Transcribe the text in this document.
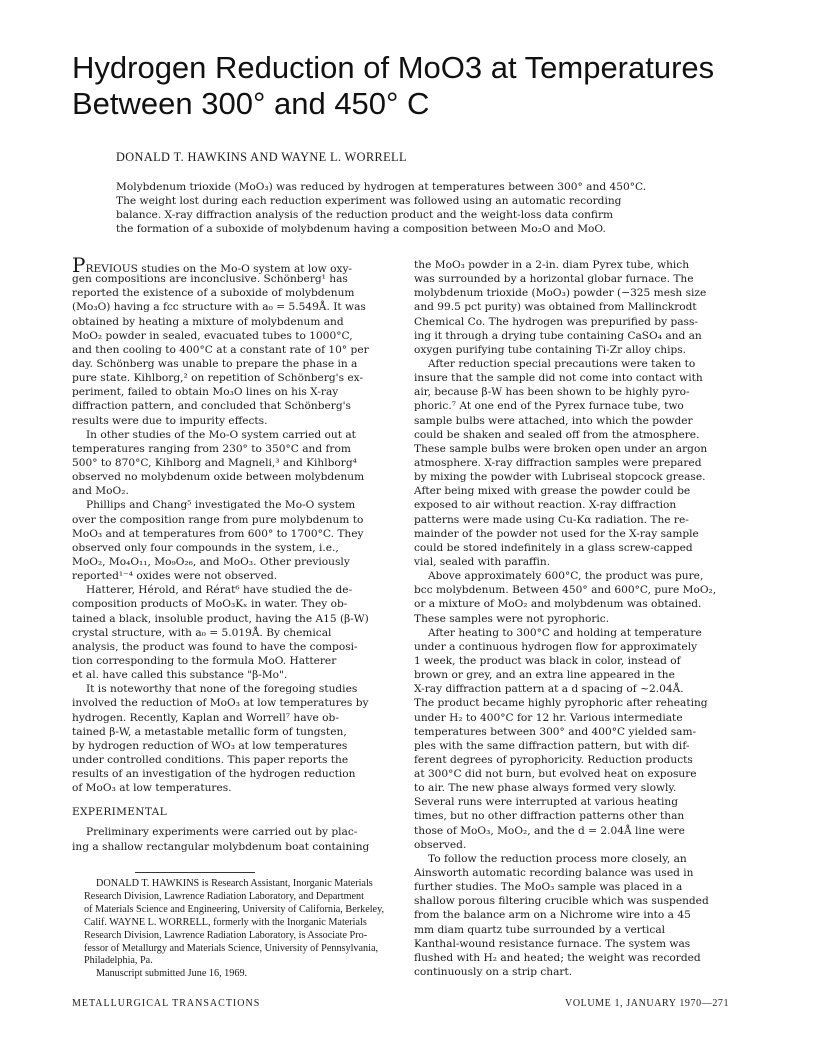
Hydrogen Reduction of MoO3 at Temperatures
Between 300° and 450° C
DONALD T. HAWKINS AND WAYNE L. WORRELL
Molybdenum trioxide (MoO₃) was reduced by hydrogen at temperatures between 300° and 450°C.
The weight lost during each reduction experiment was followed using an automatic recording
balance. X-ray diffraction analysis of the reduction product and the weight-loss data confirm
the formation of a suboxide of molybdenum having a composition between Mo₂O and MoO.
PREVIOUS studies on the Mo-O system at low oxy-
gen compositions are inconclusive. Schönberg¹ has
reported the existence of a suboxide of molybdenum
(Mo₃O) having a fcc structure with a₀ = 5.549Å. It was
obtained by heating a mixture of molybdenum and
MoO₂ powder in sealed, evacuated tubes to 1000°C,
and then cooling to 400°C at a constant rate of 10° per
day. Schönberg was unable to prepare the phase in a
pure state. Kihlborg,² on repetition of Schönberg's ex-
periment, failed to obtain Mo₃O lines on his X-ray
diffraction pattern, and concluded that Schönberg's
results were due to impurity effects.
In other studies of the Mo-O system carried out at
temperatures ranging from 230° to 350°C and from
500° to 870°C, Kihlborg and Magneli,³ and Kihlborg⁴
observed no molybdenum oxide between molybdenum
and MoO₂.
Phillips and Chang⁵ investigated the Mo-O system
over the composition range from pure molybdenum to
MoO₃ and at temperatures from 600° to 1700°C. They
observed only four compounds in the system, i.e.,
MoO₂, Mo₄O₁₁, Mo₉O₂₆, and MoO₃. Other previously
reported¹⁻⁴ oxides were not observed.
Hatterer, Hérold, and Rérat⁶ have studied the de-
composition products of MoO₃Kₓ in water. They ob-
tained a black, insoluble product, having the A15 (β-W)
crystal structure, with a₀ = 5.019Å. By chemical
analysis, the product was found to have the composi-
tion corresponding to the formula MoO. Hatterer
et al. have called this substance "β-Mo".
It is noteworthy that none of the foregoing studies
involved the reduction of MoO₃ at low temperatures by
hydrogen. Recently, Kaplan and Worrell⁷ have ob-
tained β-W, a metastable metallic form of tungsten,
by hydrogen reduction of WO₃ at low temperatures
under controlled conditions. This paper reports the
results of an investigation of the hydrogen reduction
of MoO₃ at low temperatures.
EXPERIMENTAL
Preliminary experiments were carried out by plac-
ing a shallow rectangular molybdenum boat containing
the MoO₃ powder in a 2-in. diam Pyrex tube, which
was surrounded by a horizontal globar furnace. The
molybdenum trioxide (MoO₃) powder (−325 mesh size
and 99.5 pct purity) was obtained from Mallinckrodt
Chemical Co. The hydrogen was prepurified by pass-
ing it through a drying tube containing CaSO₄ and an
oxygen purifying tube containing Ti-Zr alloy chips.
After reduction special precautions were taken to
insure that the sample did not come into contact with
air, because β-W has been shown to be highly pyro-
phoric.⁷ At one end of the Pyrex furnace tube, two
sample bulbs were attached, into which the powder
could be shaken and sealed off from the atmosphere.
These sample bulbs were broken open under an argon
atmosphere. X-ray diffraction samples were prepared
by mixing the powder with Lubriseal stopcock grease.
After being mixed with grease the powder could be
exposed to air without reaction. X-ray diffraction
patterns were made using Cu-Kα radiation. The re-
mainder of the powder not used for the X-ray sample
could be stored indefinitely in a glass screw-capped
vial, sealed with paraffin.
Above approximately 600°C, the product was pure,
bcc molybdenum. Between 450° and 600°C, pure MoO₂,
or a mixture of MoO₂ and molybdenum was obtained.
These samples were not pyrophoric.
After heating to 300°C and holding at temperature
under a continuous hydrogen flow for approximately
1 week, the product was black in color, instead of
brown or grey, and an extra line appeared in the
X-ray diffraction pattern at a d spacing of ~2.04Å.
The product became highly pyrophoric after reheating
under H₂ to 400°C for 12 hr. Various intermediate
temperatures between 300° and 400°C yielded sam-
ples with the same diffraction pattern, but with dif-
ferent degrees of pyrophoricity. Reduction products
at 300°C did not burn, but evolved heat on exposure
to air. The new phase always formed very slowly.
Several runs were interrupted at various heating
times, but no other diffraction patterns other than
those of MoO₃, MoO₂, and the d = 2.04Å line were
observed.
To follow the reduction process more closely, an
Ainsworth automatic recording balance was used in
further studies. The MoO₃ sample was placed in a
shallow porous filtering crucible which was suspended
from the balance arm on a Nichrome wire into a 45
mm diam quartz tube surrounded by a vertical
Kanthal-wound resistance furnace. The system was
flushed with H₂ and heated; the weight was recorded
continuously on a strip chart.
DONALD T. HAWKINS is Research Assistant, Inorganic Materials
Research Division, Lawrence Radiation Laboratory, and Department
of Materials Science and Engineering, University of California, Berkeley,
Calif. WAYNE L. WORRELL, formerly with the Inorganic Materials
Research Division, Lawrence Radiation Laboratory, is Associate Pro-
fessor of Metallurgy and Materials Science, University of Pennsylvania,
Philadelphia, Pa.
Manuscript submitted June 16, 1969.
METALLURGICAL TRANSACTIONS	VOLUME 1, JANUARY 1970—271
